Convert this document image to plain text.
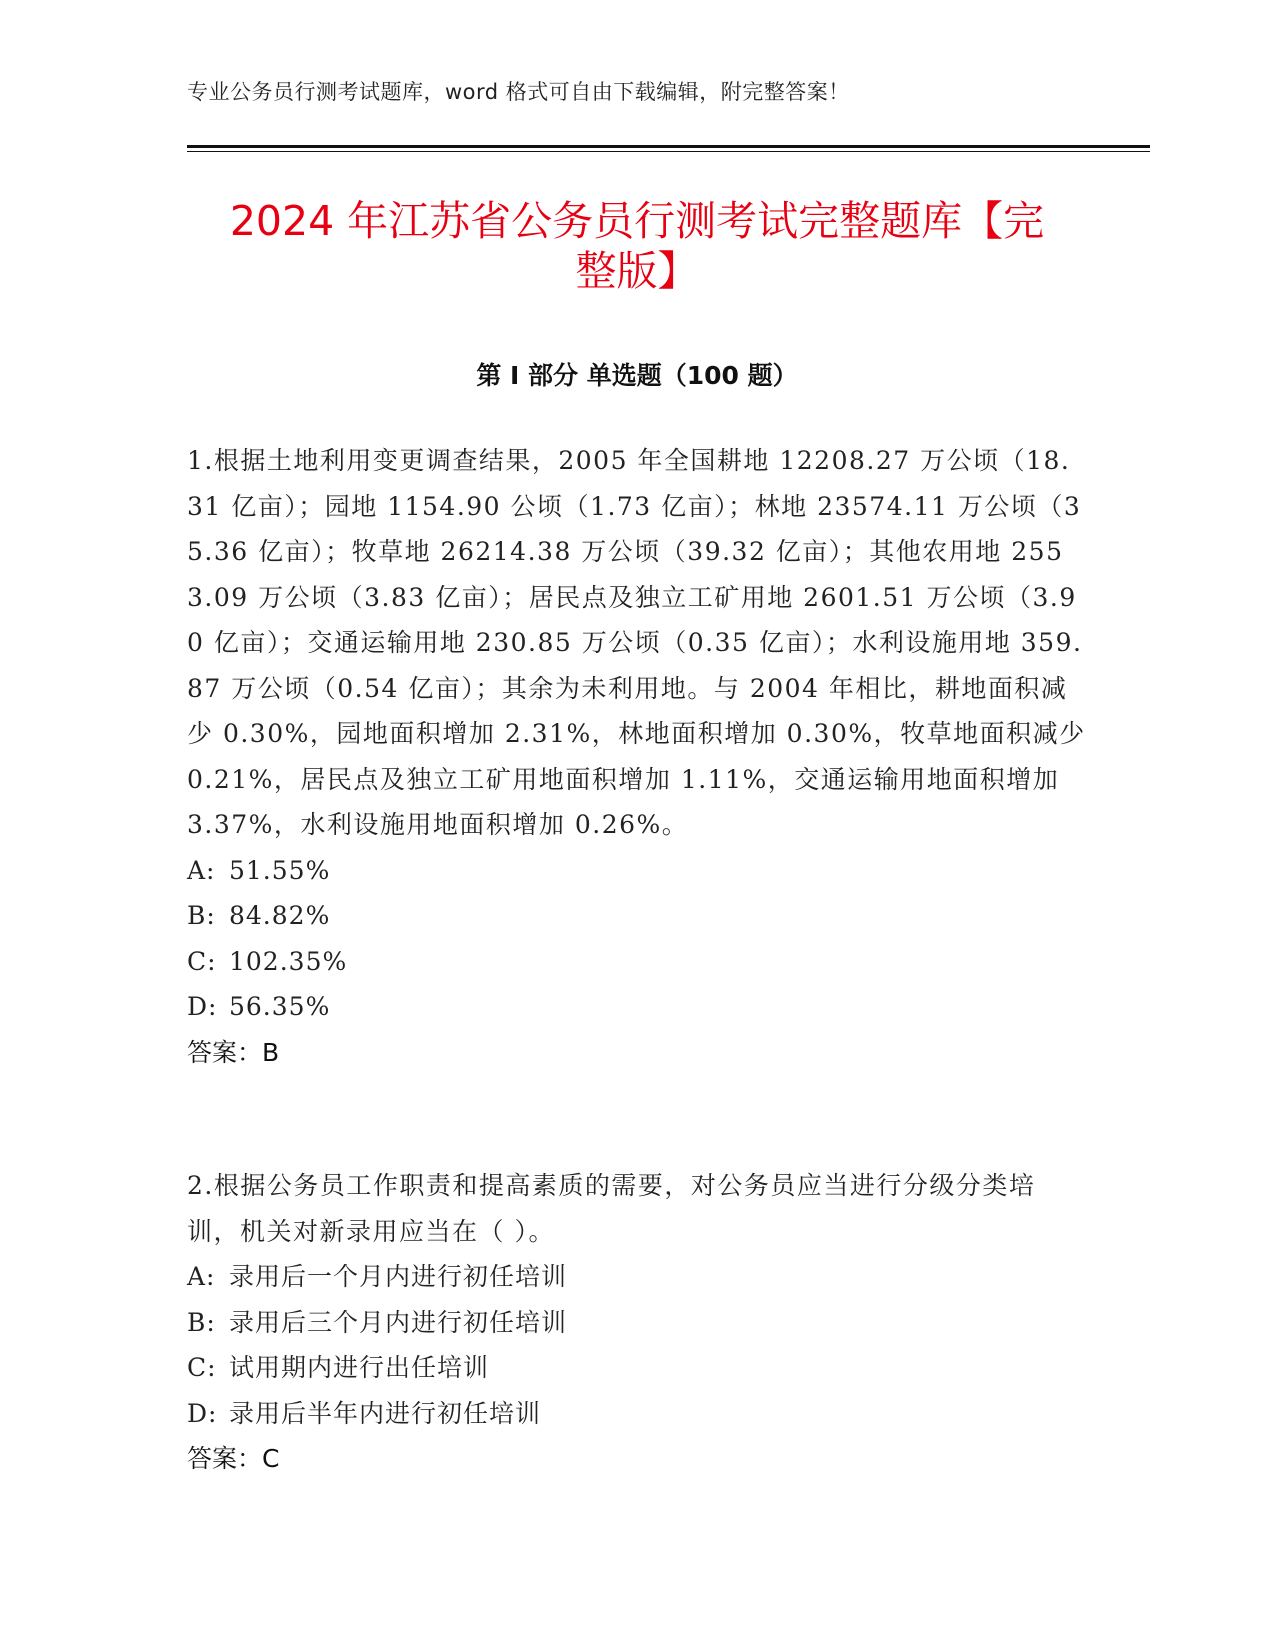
专业公务员行测考试题库，word 格式可自由下载编辑，附完整答案！
2024 年江苏省公务员行测考试完整题库【完
整版】
第 I 部分 单选题（100 题）

1.根据土地利用变更调查结果，2005 年全国耕地 12208.27 万公顷（18.31 亿亩）；园地 1154.90 公顷（1.73 亿亩）；林地 23574.11 万公顷（35.36 亿亩）；牧草地 26214.38 万公顷（39.32 亿亩）；其他农用地 2553.09 万公顷（3.83 亿亩）；居民点及独立工矿用地 2601.51 万公顷（3.90 亿亩）；交通运输用地 230.85 万公顷（0.35 亿亩）；水利设施用地 359.87 万公顷（0.54 亿亩）；其余为未利用地。与 2004 年相比，耕地面积减少 0.30%，园地面积增加 2.31%，林地面积增加 0.30%，牧草地面积减少 0.21%，居民点及独立工矿用地面积增加 1.11%，交通运输用地面积增加 3.37%，水利设施用地面积增加 0.26%。

A: 51.55%

B: 84.82%

C: 102.35%

D: 56.35%

答案：B

2.根据公务员工作职责和提高素质的需要，对公务员应当进行分级分类培训，机关对新录用应当在（ ）。

A: 录用后一个月内进行初任培训

B: 录用后三个月内进行初任培训

C: 试用期内进行出任培训

D: 录用后半年内进行初任培训

答案：C
